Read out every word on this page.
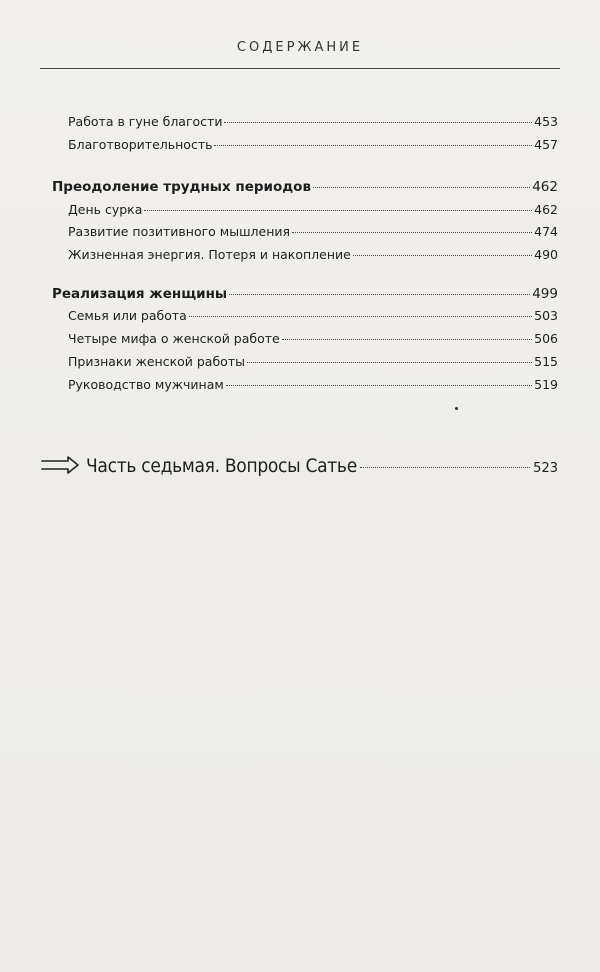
СОДЕРЖАНИЕ
Работа в гуне благости	453
Благотворительность	457
Преодоление трудных периодов	462
День сурка	462
Развитие позитивного мышления	474
Жизненная энергия. Потеря и накопление	490
Реализация женщины	499
Семья или работа	503
Четыре мифа о женской работе	506
Признаки женской работы	515
Руководство мужчинам	519
Часть седьмая. Вопросы Сатье	523
